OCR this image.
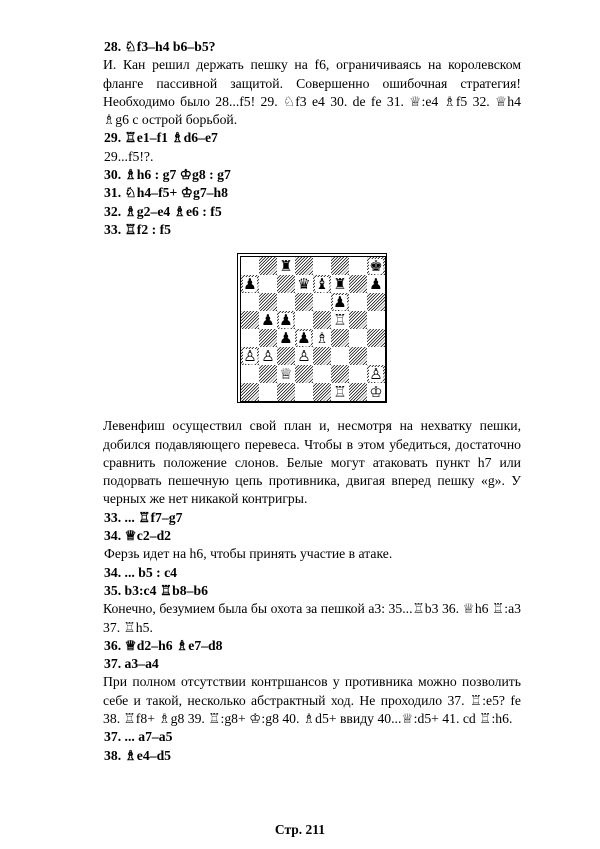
28. ♘f3–h4 b6–b5?
И. Кан решил держать пешку на f6, ограничиваясь на королевском фланге пассивной защитой. Совершенно ошибочная стратегия! Необходимо было 28...f5! 29. ♘f3 e4 30. de fe 31. ♕:e4 ♗f5 32. ♕h4 ♗g6 с острой борьбой.
29. ♖e1–f1 ♗d6–e7
29...f5!?.
30. ♗h6 : g7 ♔g8 : g7
31. ♘h4–f5+ ♔g7–h8
32. ♗g2–e4 ♗e6 : f5
33. ♖f2 : f5
♜	♚
♟	♛ ♝ ♜ ♟
♟
♟ ♟	♖
♟ ♟ ♗
♙ ♙ ♙
♕	♙
♖ ♔
Левенфиш осуществил свой план и, несмотря на нехватку пешки, добился подавляющего перевеса. Чтобы в этом убедиться, достаточно сравнить положение слонов. Белые могут атаковать пункт h7 или подорвать пешечную цепь противника, двигая вперед пешку «g». У черных же нет никакой контригры.
33. ... ♖f7–g7
34. ♕c2–d2
Ферзь идет на h6, чтобы принять участие в атаке.
34. ... b5 : c4
35. b3:c4 ♖b8–b6
Конечно, безумием была бы охота за пешкой a3: 35...♖b3 36. ♕h6 ♖:a3 37. ♖h5.
36. ♕d2–h6 ♗e7–d8
37. a3–a4
При полном отсутствии контршансов у противника можно позволить себе и такой, несколько абстрактный ход. Не проходило 37. ♖:e5? fe 38. ♖f8+ ♗g8 39. ♖:g8+ ♔:g8 40. ♗d5+ ввиду 40...♕:d5+ 41. cd ♖:h6.
37. ... a7–a5
38. ♗e4–d5
Стр. 211
